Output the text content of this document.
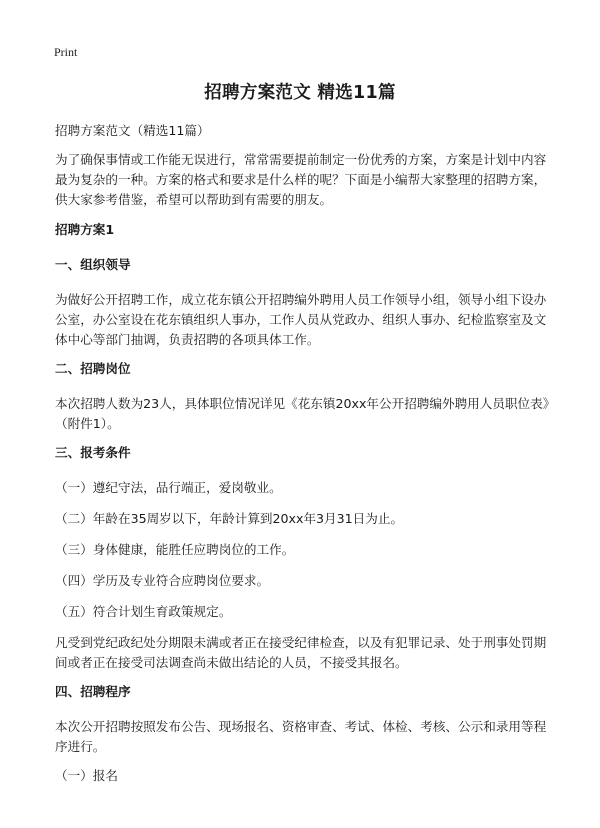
Print
招聘方案范文 精选11篇

招聘方案范文（精选11篇）

为了确保事情或工作能无误进行，常常需要提前制定一份优秀的方案，方案是计划中内容最为复杂的一种。方案的格式和要求是什么样的呢？下面是小编帮大家整理的招聘方案，供大家参考借鉴，希望可以帮助到有需要的朋友。

招聘方案1
一、组织领导

为做好公开招聘工作，成立花东镇公开招聘编外聘用人员工作领导小组，领导小组下设办公室，办公室设在花东镇组织人事办，工作人员从党政办、组织人事办、纪检监察室及文体中心等部门抽调，负责招聘的各项具体工作。

二、招聘岗位

本次招聘人数为23人，具体职位情况详见《花东镇20xx年公开招聘编外聘用人员职位表》（附件1）。

三、报考条件

（一）遵纪守法，品行端正，爱岗敬业。

（二）年龄在35周岁以下，年龄计算到20xx年3月31日为止。

（三）身体健康，能胜任应聘岗位的工作。

（四）学历及专业符合应聘岗位要求。

（五）符合计划生育政策规定。

凡受到党纪政纪处分期限未满或者正在接受纪律检查，以及有犯罪记录、处于刑事处罚期间或者正在接受司法调查尚未做出结论的人员，不接受其报名。

四、招聘程序

本次公开招聘按照发布公告、现场报名、资格审查、考试、体检、考核、公示和录用等程序进行。

（一）报名
